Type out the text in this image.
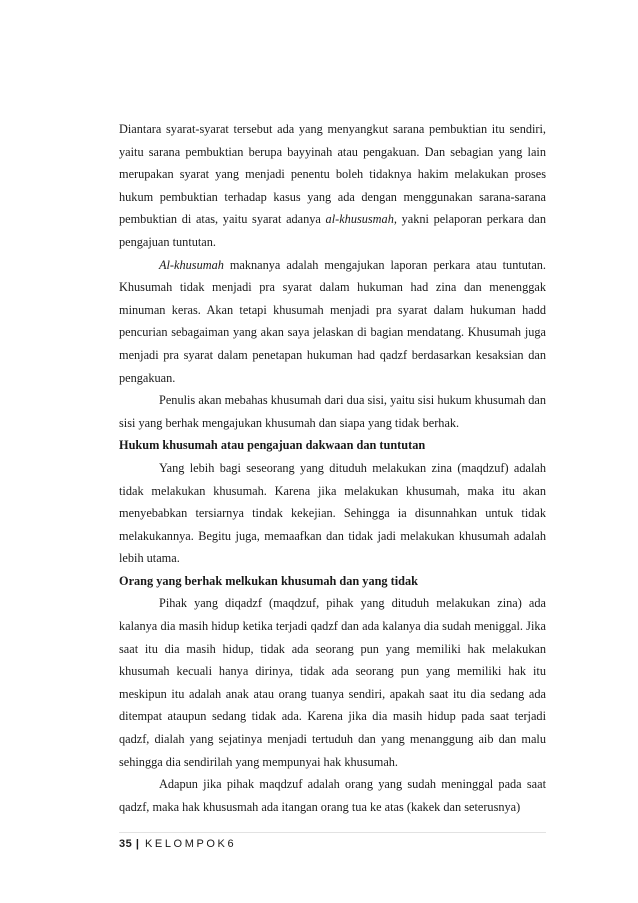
Diantara syarat-syarat tersebut ada yang menyangkut sarana pembuktian itu sendiri, yaitu sarana pembuktian berupa bayyinah atau pengakuan. Dan sebagian yang lain merupakan syarat yang menjadi penentu boleh tidaknya hakim melakukan proses hukum pembuktian terhadap kasus yang ada dengan menggunakan sarana-sarana pembuktian di atas, yaitu syarat adanya al-khususmah, yakni pelaporan perkara dan pengajuan tuntutan.

Al-khusumah maknanya adalah mengajukan laporan perkara atau tuntutan. Khusumah tidak menjadi pra syarat dalam hukuman had zina dan menenggak minuman keras. Akan tetapi khusumah menjadi pra syarat dalam hukuman hadd pencurian sebagaiman yang akan saya jelaskan di bagian mendatang. Khusumah juga menjadi pra syarat dalam penetapan hukuman had qadzf berdasarkan kesaksian dan pengakuan.

Penulis akan mebahas khusumah dari dua sisi, yaitu sisi hukum khusumah dan sisi yang berhak mengajukan khusumah dan siapa yang tidak berhak.

Hukum khusumah atau pengajuan dakwaan dan tuntutan

Yang lebih bagi seseorang yang dituduh melakukan zina (maqdzuf) adalah tidak melakukan khusumah. Karena jika melakukan khusumah, maka itu akan menyebabkan tersiarnya tindak kekejian. Sehingga ia disunnahkan untuk tidak melakukannya. Begitu juga, memaafkan dan tidak jadi melakukan khusumah adalah lebih utama.

Orang yang berhak melkukan khusumah dan yang tidak

Pihak yang diqadzf (maqdzuf, pihak yang dituduh melakukan zina) ada kalanya dia masih hidup ketika terjadi qadzf dan ada kalanya dia sudah meniggal. Jika saat itu dia masih hidup, tidak ada seorang pun yang memiliki hak melakukan khusumah kecuali hanya dirinya, tidak ada seorang pun yang memiliki hak itu meskipun itu adalah anak atau orang tuanya sendiri, apakah saat itu dia sedang ada ditempat ataupun sedang tidak ada. Karena jika dia masih hidup pada saat terjadi qadzf, dialah yang sejatinya menjadi tertuduh dan yang menanggung aib dan malu sehingga dia sendirilah yang mempunyai hak khusumah.

Adapun jika pihak maqdzuf adalah orang yang sudah meninggal pada saat qadzf, maka hak khususmah ada itangan orang tua ke atas (kakek dan seterusnya)

35 | KELOMPOK6
